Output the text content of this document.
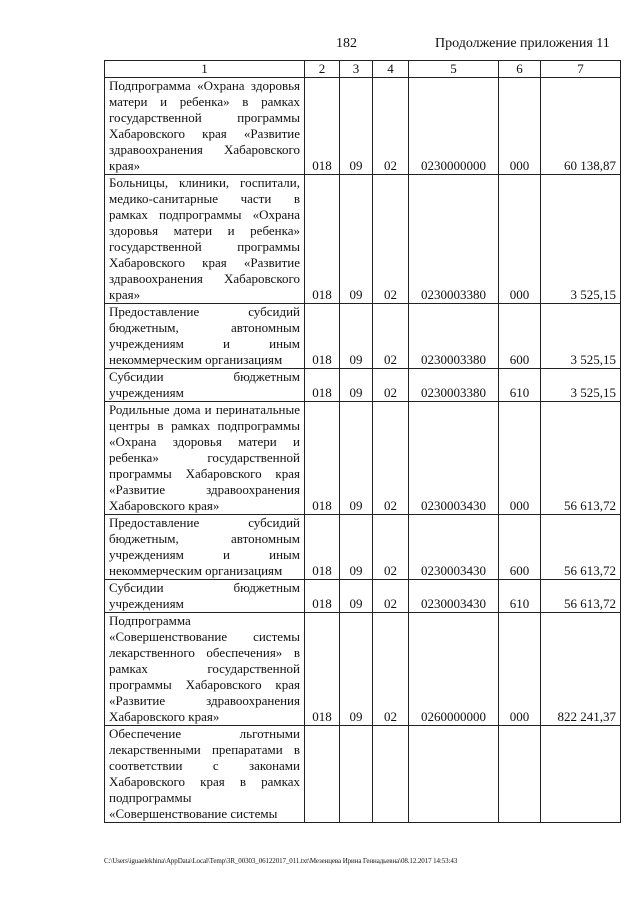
182	Продолжение приложения 11
1	2	3	4	5	6	7
Подпрограмма «Охрана здоровья матери и ребенка» в рамках государственной программы Хабаровского края «Развитие здравоохранения Хабаровского края»	018	09	02	0230000000	000	60 138,87
Больницы, клиники, госпитали, медико-санитарные части в рамках подпрограммы «Охрана здоровья матери и ребенка» государственной программы Хабаровского края «Развитие здравоохранения Хабаровского края»	018	09	02	0230003380	000	3 525,15
Предоставление субсидий бюджетным, автономным учреждениям и иным некоммерческим организациям	018	09	02	0230003380	600	3 525,15
Субсидии бюджетным учреждениям	018	09	02	0230003380	610	3 525,15
Родильные дома и перинатальные центры в рамках подпрограммы «Охрана здоровья матери и ребенка» государственной программы Хабаровского края «Развитие здравоохранения Хабаровского края»	018	09	02	0230003430	000	56 613,72
Предоставление субсидий бюджетным, автономным учреждениям и иным некоммерческим организациям	018	09	02	0230003430	600	56 613,72
Субсидии бюджетным учреждениям	018	09	02	0230003430	610	56 613,72
Подпрограмма «Совершенствование системы лекарственного обеспечения» в рамках государственной программы Хабаровского края «Развитие здравоохранения Хабаровского края»	018	09	02	0260000000	000	822 241,37
Обеспечение льготными лекарственными препаратами в соответствии с законами Хабаровского края в рамках подпрограммы «Совершенствование системы						
C:\Users\iguaelekhina\AppData\Local\Temp\3R_00303_06122017_011.txt\Мезенцева Ирина Геннадьевна\08.12.2017 14:53:43
